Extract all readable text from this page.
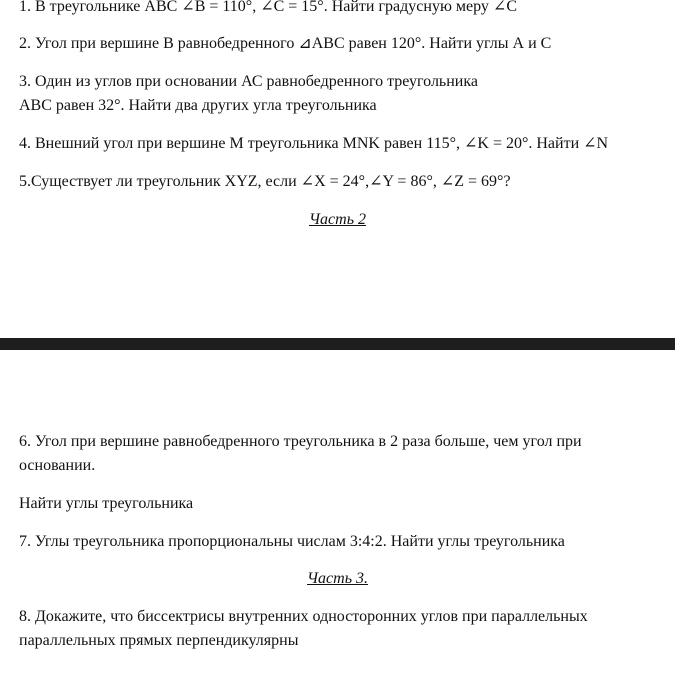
1. В треугольнике ABC ∠B = 110°, ∠C = 15°. Найти градусную меру ∠C
2. Угол при вершине В равнобедренного ⊿ABC равен 120°. Найти углы А и С
3. Один из углов при основании АС равнобедренного треугольника
ABC равен 32°. Найти два других угла треугольника
4. Внешний угол при вершине М треугольника MNK равен 115°, ∠K = 20°. Найти ∠N
5.Существует ли треугольник XYZ, если ∠X = 24°,∠Y = 86°, ∠Z = 69°?
Часть 2
6. Угол при вершине равнобедренного треугольника в 2 раза больше, чем угол при
основании.
Найти углы треугольника
7. Углы треугольника пропорциональны числам 3:4:2. Найти углы треугольника
Часть 3.
8. Докажите, что биссектрисы внутренних односторонних углов при параллельных
параллельных прямых перпендикулярны
